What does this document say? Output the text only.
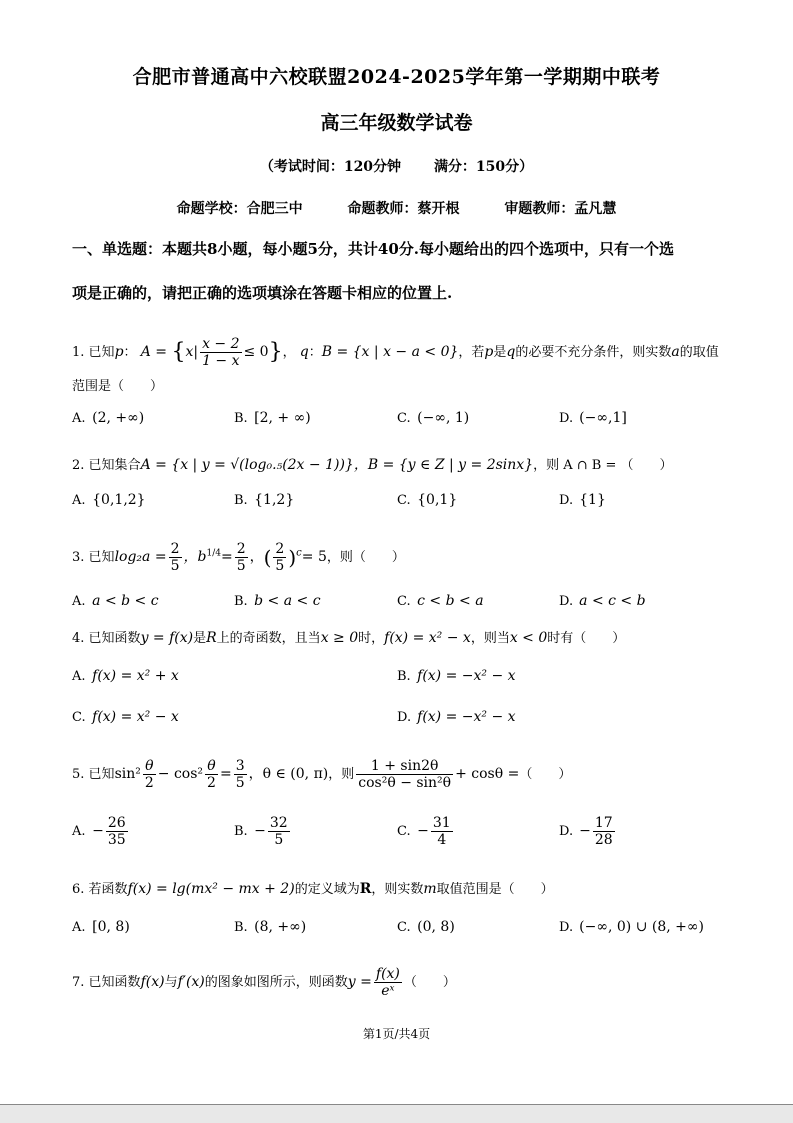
合肥市普通高中六校联盟2024-2025学年第一学期期中联考
高三年级数学试卷
（考试时间：120分钟 满分：150分）
命题学校：合肥三中	命题教师：蔡开根	审题教师：孟凡慧
一、单选题：本题共8小题，每小题5分，共计40分.每小题给出的四个选项中，只有一个选
项是正确的，请把正确的选项填涂在答题卡相应的位置上.
1. 已知p： $A = \{x| \frac{x - 2}{1 - x} \le 0\}$， q：B = {x | x − a < 0}，若p是q的必要不充分条件，则实数a的取值
范围是（　　）
A. (2, +∞)	B. [2, + ∞)	C. (−∞, 1)	D. (−∞,1]
2. 已知集合A = {x | y = √(log₀.₅(2x − 1))}，B = {y ∈ Z | y = 2sinx}，则 A ∩ B = （　　）
A. {0,1,2}	B. {1,2}	C. {0,1}	D. {1}
3. 已知$\log_2a = \frac{2}{5}$ ，$b^{1/4}= \frac{2}{5}$ ，( $\frac{2}{5} )^c= 5$，则（　　）
A. a < b < c	B. b < a < c	C. c < b < a	D. a < c < b
4. 已知函数y = f(x)是R上的奇函数，且当x ≥ 0时，f(x) = x² − x，则当x < 0时有（　　）
A. f(x) = x² + x	B. f(x) = −x² − x
C. f(x) = x² − x	D. f(x) = −x² − x
5. 已知$\sin^2 \frac{\theta}{2} - \cos^2 \frac{\theta}{2} = \frac{3}{5}$ ，θ ∈ (0, π)，则 $\frac{1 + \sin 2\theta}{\text{cos²θ − sin²θ}} + \cos\theta$ =（　　）
A. − $\frac{26}{35}$	B. − $\frac{32}{5}$	C. − $\frac{31}{4}$	D. − $\frac{17}{28}$
6. 若函数f(x) = lg(mx² − mx + 2)的定义域为R，则实数m取值范围是（　　）
A. [0, 8)	B. (8, +∞)	C. (0, 8)	D. (−∞, 0) ∪ (8, +∞)
7. 已知函数f(x)与f′(x)的图象如图所示，则函数$y = \frac{f(x)}{\text{eˣ}}$ （　　）
第1页/共4页
